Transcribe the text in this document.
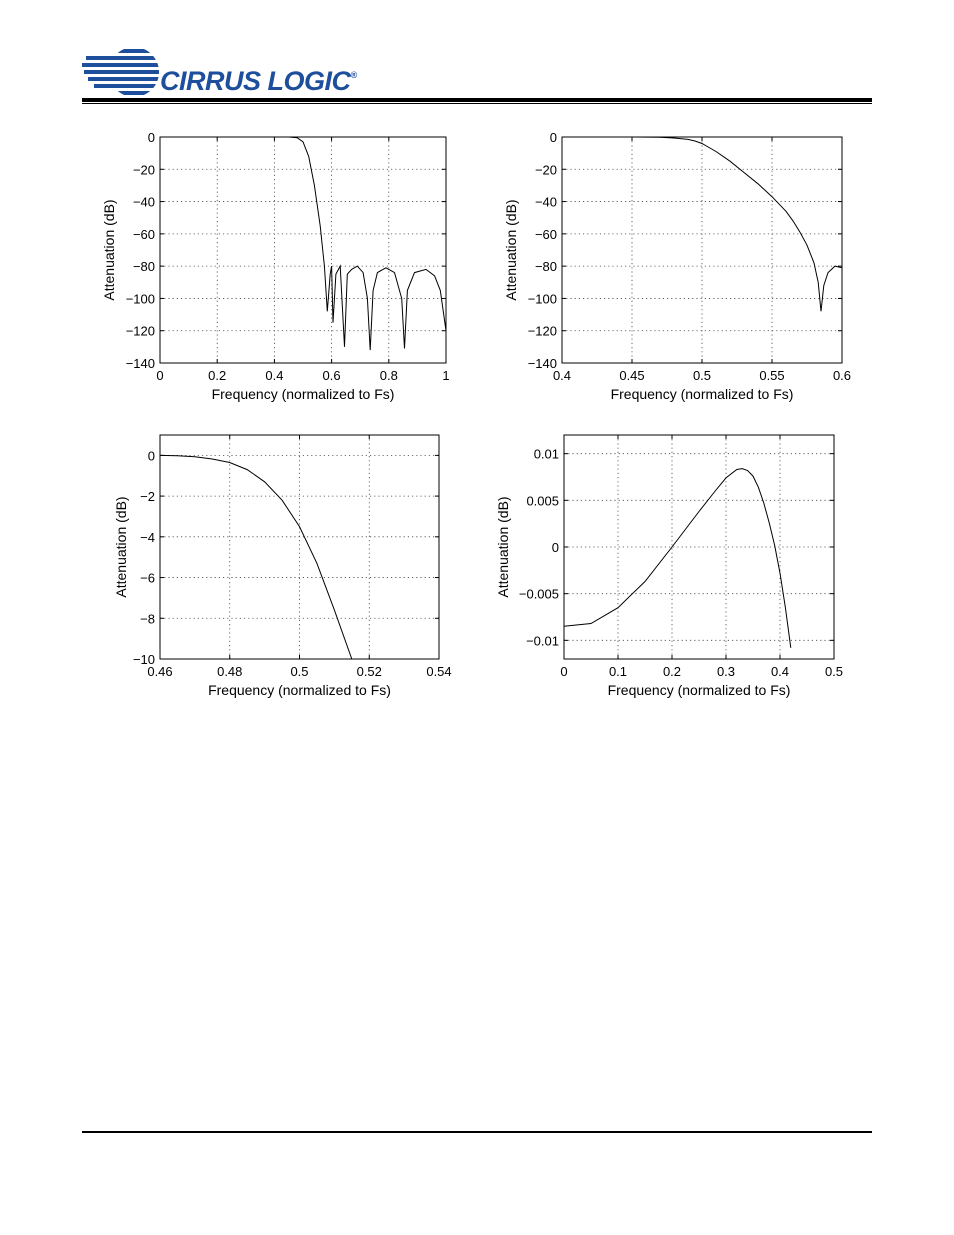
CIRRUS LOGIC®
0	0.2	0.4	0.6	0.8	1
0
−20
−40
−60
−80
−100
−120
−140
Frequency (normalized to Fs)
Attenuation (dB)
0.4	0.45	0.5	0.55	0.6
0
−20
−40
−60
−80
−100
−120
−140
Frequency (normalized to Fs)
Attenuation (dB)
0.46	0.48	0.5	0.52	0.54
0
−2
−4
−6
−8
−10
Frequency (normalized to Fs)
Attenuation (dB)
0	0.1	0.2	0.3	0.4	0.5
0.01
0.005
0
−0.005
−0.01
Frequency (normalized to Fs)
Attenuation (dB)
